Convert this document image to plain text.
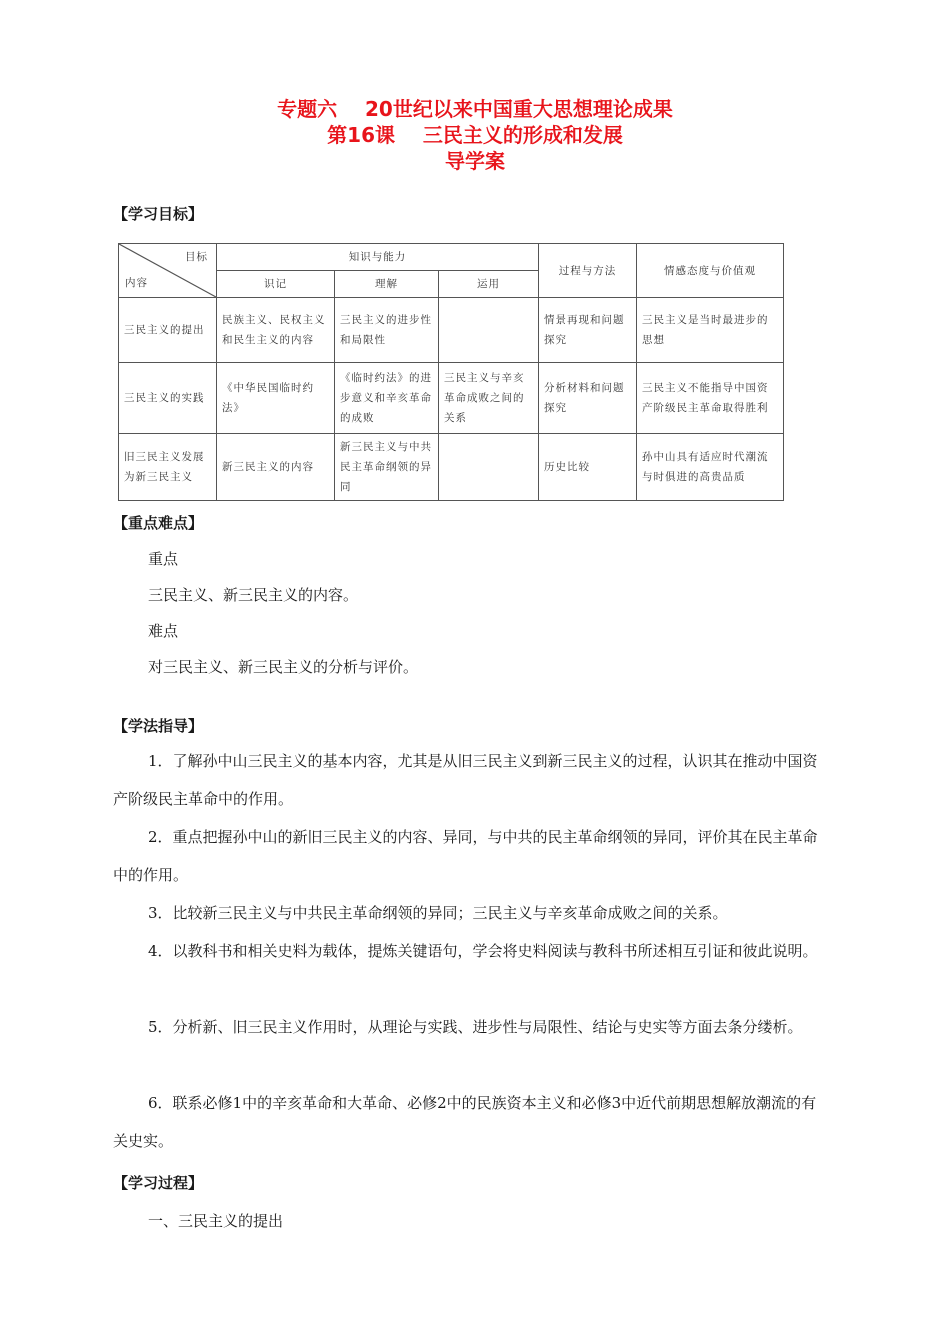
专题六    20世纪以来中国重大思想理论成果
第16课    三民主义的形成和发展
导学案
【学习目标】
目标
内容	知识与能力			过程与方法	情感态度与价值观
	识记	理解	运用		
三民主义的提出	民族主义、民权主义和民生主义的内容	三民主义的进步性和局限性		情景再现和问题探究	三民主义是当时最进步的思想
三民主义的实践	《中华民国临时约法》	《临时约法》的进步意义和辛亥革命的成败	三民主义与辛亥革命成败之间的关系	分析材料和问题探究	三民主义不能指导中国资产阶级民主革命取得胜利
旧三民主义发展为新三民主义	新三民主义的内容	新三民主义与中共民主革命纲领的异同		历史比较	孙中山具有适应时代潮流与时俱进的高贵品质
【重点难点】
重点
三民主义、新三民主义的内容。
难点
对三民主义、新三民主义的分析与评价。
【学法指导】
1．了解孙中山三民主义的基本内容，尤其是从旧三民主义到新三民主义的过程，认识其在推动中国资产阶级民主革命中的作用。
2．重点把握孙中山的新旧三民主义的内容、异同，与中共的民主革命纲领的异同，评价其在民主革命中的作用。
3．比较新三民主义与中共民主革命纲领的异同；三民主义与辛亥革命成败之间的关系。
4．以教科书和相关史料为载体，提炼关键语句，学会将史料阅读与教科书所述相互引证和彼此说明。
5．分析新、旧三民主义作用时，从理论与实践、进步性与局限性、结论与史实等方面去条分缕析。
6．联系必修1中的辛亥革命和大革命、必修2中的民族资本主义和必修3中近代前期思想解放潮流的有关史实。
【学习过程】
一、三民主义的提出
